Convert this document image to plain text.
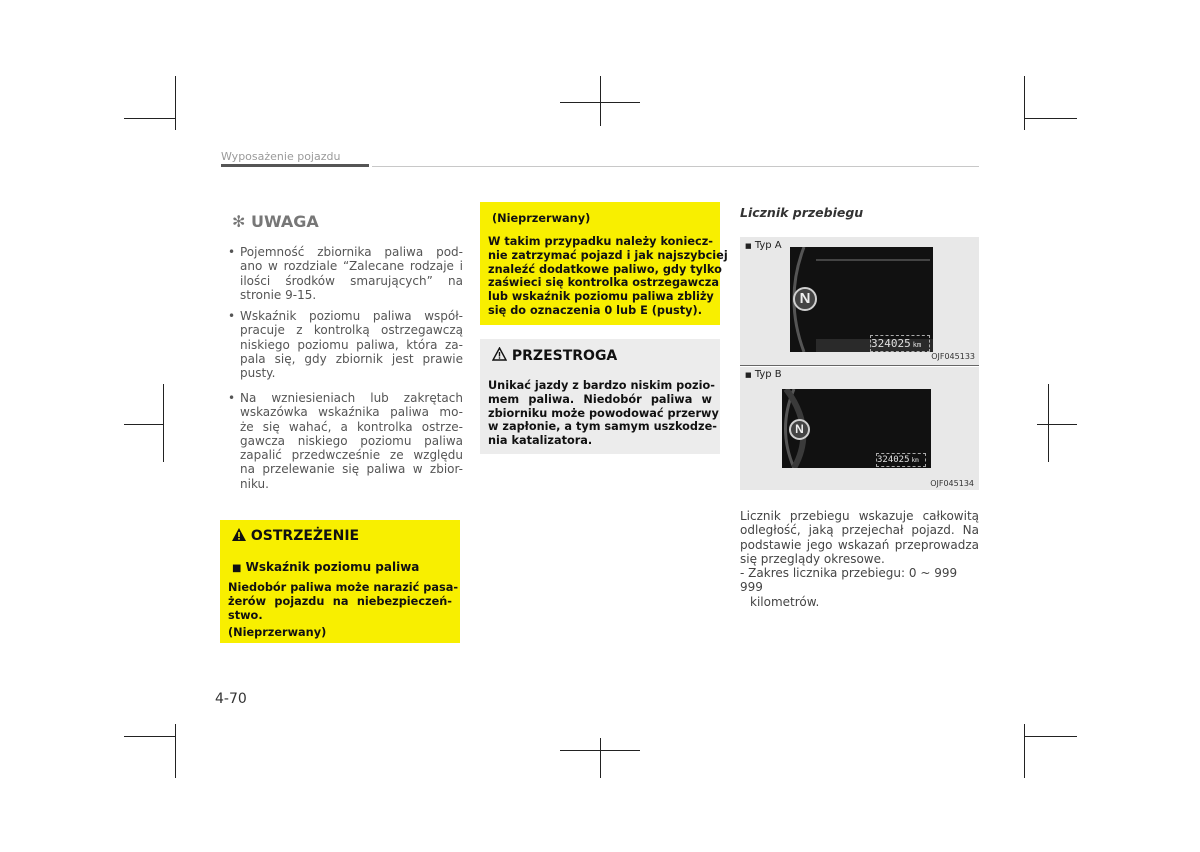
Wyposażenie pojazdu
✻ UWAGA
• Pojemność zbiornika paliwa pod-
ano w rozdziale “Zalecane rodzaje i
ilości środków smarujących” na
stronie 9-15.
• Wskaźnik poziomu paliwa współ-
pracuje z kontrolką ostrzegawczą
niskiego poziomu paliwa, która za-
pala się, gdy zbiornik jest prawie
pusty.
• Na wzniesieniach lub zakrętach
wskazówka wskaźnika paliwa mo-
że się wahać, a kontrolka ostrze-
gawcza niskiego poziomu paliwa
zapalić przedwcześnie ze względu
na przelewanie się paliwa w zbior-
niku.
OSTRZEŻENIE
■ Wskaźnik poziomu paliwa
Niedobór paliwa może narazić pasa-
żerów pojazdu na niebezpieczeń-
stwo.
(Nieprzerwany)
(Nieprzerwany)
W takim przypadku należy koniecz-
nie zatrzymać pojazd i jak najszybciej
znaleźć dodatkowe paliwo, gdy tylko
zaświeci się kontrolka ostrzegawcza
lub wskaźnik poziomu paliwa zbliży
się do oznaczenia 0 lub E (pusty).
PRZESTROGA
Unikać jazdy z bardzo niskim pozio-
mem paliwa. Niedobór paliwa w
zbiorniku może powodować przerwy
w zapłonie, a tym samym uszkodze-
nia katalizatora.
Licznik przebiegu
■ Typ A
N
324025 km
OJF045133
■ Typ B
N
324025 km
OJF045134
Licznik przebiegu wskazuje całkowitą
odległość, jaką przejechał pojazd. Na
podstawie jego wskazań przeprowadza
się przeglądy okresowe.
- Zakres licznika przebiegu: 0 ~ 999 999
kilometrów.
4-70
